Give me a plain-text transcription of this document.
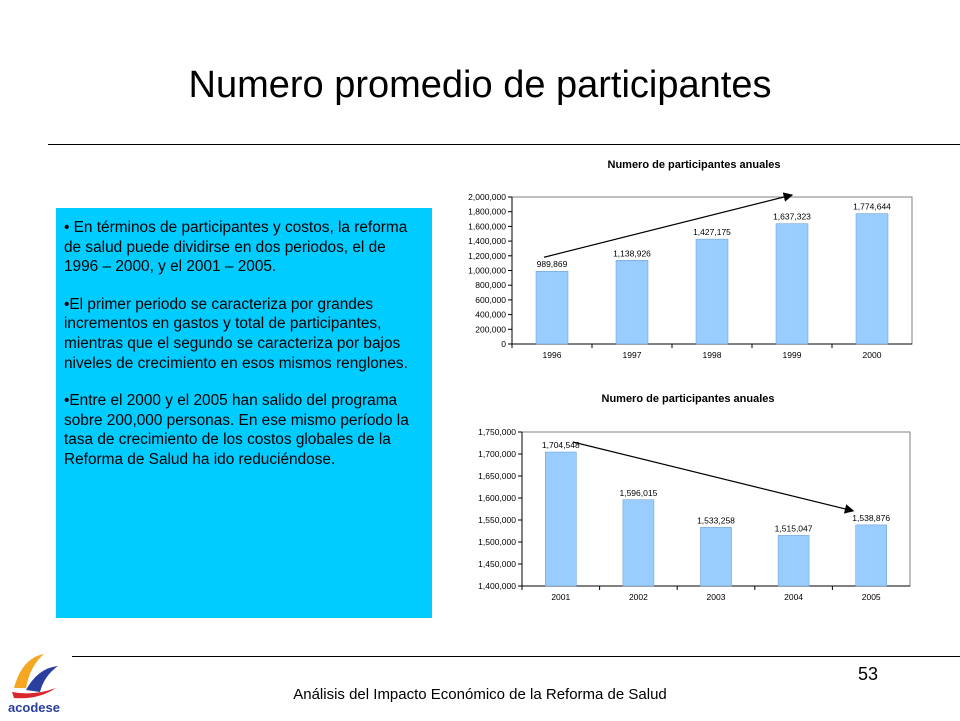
Numero promedio de participantes

• En términos de participantes y costos, la reforma de salud puede dividirse en dos periodos, el de 1996 – 2000, y el 2001 – 2005.

•El primer periodo se caracteriza por grandes incrementos en gastos y total de participantes, mientras que el segundo se caracteriza por bajos niveles de crecimiento en esos mismos renglones.

•Entre el 2000 y el 2005 han salido del programa sobre 200,000 personas. En ese mismo período la tasa de crecimiento de los costos globales de la Reforma de Salud ha ido reduciéndose.

Numero de participantes anuales
0
200,000
400,000
600,000
800,000
1,000,000
1,200,000
1,400,000
1,600,000
1,800,000
2,000,000
989,869
1996
1,138,926
1997
1,427,175
1998
1,637,323
1999
1,774,644
2000
Numero de participantes anuales
1,400,000
1,450,000
1,500,000
1,550,000
1,600,000
1,650,000
1,700,000
1,750,000
1,704,548
2001
1,596,015
2002
1,533,258
2003
1,515,047
2004
1,538,876
2005
53
Análisis del Impacto Económico de la Reforma de Salud
acodese
